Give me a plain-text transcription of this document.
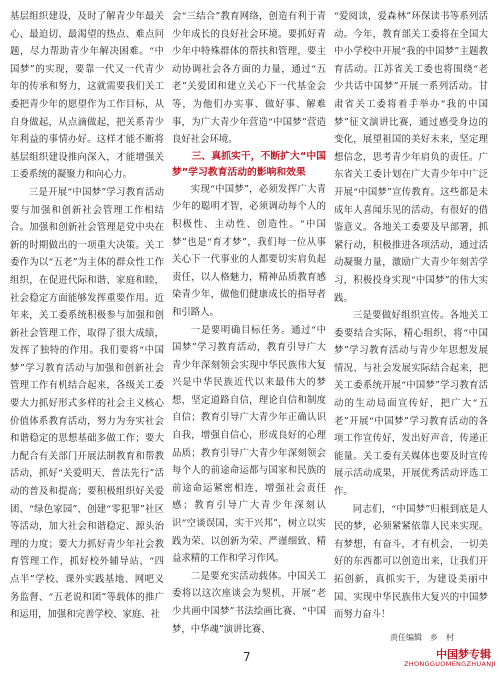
基层组织建设，及时了解青少年最关心、最迫切、最渴望的热点、难点问题，尽力帮助青少年解决困难。“中国梦”的实现，要靠一代又一代青少年的传承和努力，这就需要我们关工委把青少年的愿望作为工作目标，从自身做起，从点滴做起，把关系青少年利益的事情办好。这样才能不断将基层组织建设推向深入，才能增强关工委系统的凝聚力和向心力。

三是开展“中国梦”学习教育活动要与加强和创新社会管理工作相结合。加强和创新社会管理是党中央在新的时期做出的一项重大决策。关工委作为以“五老”为主体的群众性工作组织，在促进代际和谐、家庭和睦，社会稳定方面能够发挥重要作用。近年来，关工委系统积极参与加强和创新社会管理工作，取得了很大成绩，发挥了独特的作用。我们要将“中国梦”学习教育活动与加强和创新社会管理工作有机结合起来，各级关工委要大力抓好形式多样的社会主义核心价值体系教育活动，努力为夯实社会和谐稳定的思想基础多做工作；要大力配合有关部门开展法制教育和帮教活动，抓好“关爱明天、普法先行”活动的普及和提高；要积极组织好关爱团、“绿色家园”、创建“零犯罪”社区等活动，加大社会和谐稳定、源头治理的力度；要大力抓好青少年社会教育管理工作，抓好校外辅导站、“四点半”学校、课外实践基地、网吧义务监督、“五老说和团”等载体的推广和运用，加强和完善学校、家庭、社

会“三结合”教育网络，创造有利于青少年成长的良好社会环境。要抓好青少年中特殊群体的帮扶和管理，要主动协调社会各方面的力量，通过“五老”关爱团和建立关心下一代基金会等，为他们办实事、做好事、解难事，为广大青少年营造“中国梦”营造良好社会环境。

三、真抓实干，不断扩大“中国梦”学习教育活动的影响和效果

实现“中国梦”，必须发挥广大青少年的聪明才智，必须调动每个人的积极性、主动性、创造性。“中国梦”也是“育才梦”，我们每一位从事关心下一代事业的人都要切实肩负起责任，以人格魅力，精神品质教育感染青少年，做他们健康成长的指导者和引路人。

一是要明确目标任务。通过“中国梦”学习教育活动，教育引导广大青少年深刻领会实现中华民族伟大复兴是中华民族近代以来最伟大的梦想，坚定道路自信，理论自信和制度自信；教育引导广大青少年正确认识自我，增强自信心，形成良好的心理品质；教育引导广大青少年深刻领会每个人的前途命运都与国家和民族的前途命运紧密相连，增强社会责任感；教育引导广大青少年深刻认识“空谈误国，实干兴邦”，树立以实践为荣、以创新为荣、严谨细致、精益求精的工作和学习作风。

二是要充实活动载体。中国关工委将以这次座谈会为契机，开展“老少共画中国梦”书法绘画比赛、“中国梦，中华魂”演讲比赛、

“爱阅读，爱森林”环保读书等系列活动。今年，教育部关工委将在全国大中小学校中开展“我的中国梦”主题教育活动。江苏省关工委也将围绕“老少共话中国梦”开展一系列活动。甘肃省关工委将着手举办“我的中国梦”征文演讲比赛，通过感受身边的变化，展望祖国的美好未来，坚定理想信念，思考青少年肩负的责任。广东省关工委计划在广大青少年中广泛开展“中国梦”宣传教育。这些都是未成年人喜闻乐见的活动，有很好的借鉴意义。各地关工委要及早部署，抓紧行动，积极推进各项活动，通过活动凝聚力量，激励广大青少年刻苦学习，积极投身实现“中国梦”的伟大实践。

三是要做好组织宣传。各地关工委要结合实际，精心组织，将“中国梦”学习教育活动与青少年思想发展情况、与社会发展实际结合起来，把关工委系统开展“中国梦”学习教育活动的生动局面宣传好，把广大“五老”开展“中国梦”学习教育活动的各项工作宣传好，发出好声音，传递正能量。关工委有关媒体也要及时宣传展示活动成果，开展优秀活动评选工作。

同志们，“中国梦”归根到底是人民的梦，必须紧紧依靠人民来实现。有梦想，有奋斗，才有机会，一切美好的东西都可以创造出来，让我们开拓创新，真抓实干，为建设美丽中国、实现中华民族伟大复兴的中国梦而努力奋斗！

责任编辑　乡　村
7	中国梦专辑
ZHONGGUOMENGZHUANJI
